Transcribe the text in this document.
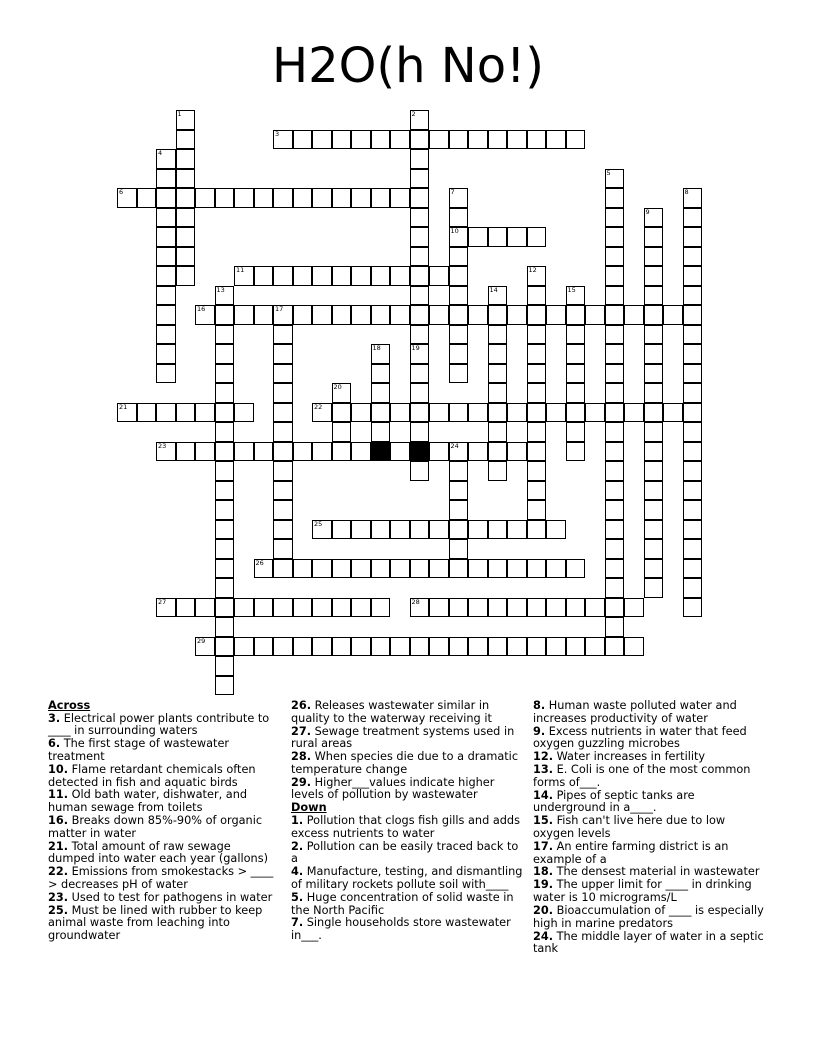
H2O(h No!)
1	2
3
4
5
6	7	8
9
10
11	12
13	14	15
16	17
18	19
20
21	22
23	24
25
26
27	28
29
Across
3. Electrical power plants contribute to ____ in surrounding waters
6. The first stage of wastewater treatment
10. Flame retardant chemicals often detected in fish and aquatic birds
11. Old bath water, dishwater, and human sewage from toilets
16. Breaks down 85%-90% of organic matter in water
21. Total amount of raw sewage dumped into water each year (gallons)
22. Emissions from smokestacks > ____ > decreases pH of water
23. Used to test for pathogens in water
25. Must be lined with rubber to keep animal waste from leaching into groundwater
26. Releases wastewater similar in quality to the waterway receiving it
27. Sewage treatment systems used in rural areas
28. When species die due to a dramatic temperature change
29. Higher___values indicate higher levels of pollution by wastewater
Down
1. Pollution that clogs fish gills and adds excess nutrients to water
2. Pollution can be easily traced back to a
4. Manufacture, testing, and dismantling of military rockets pollute soil with____
5. Huge concentration of solid waste in the North Pacific
7. Single households store wastewater in___.
8. Human waste polluted water and increases productivity of water
9. Excess nutrients in water that feed oxygen guzzling microbes
12. Water increases in fertility
13. E. Coli is one of the most common forms of___.
14. Pipes of septic tanks are underground in a____.
15. Fish can't live here due to low oxygen levels
17. An entire farming district is an example of a
18. The densest material in wastewater
19. The upper limit for ____ in drinking water is 10 micrograms/L
20. Bioaccumulation of ____ is especially high in marine predators
24. The middle layer of water in a septic tank
